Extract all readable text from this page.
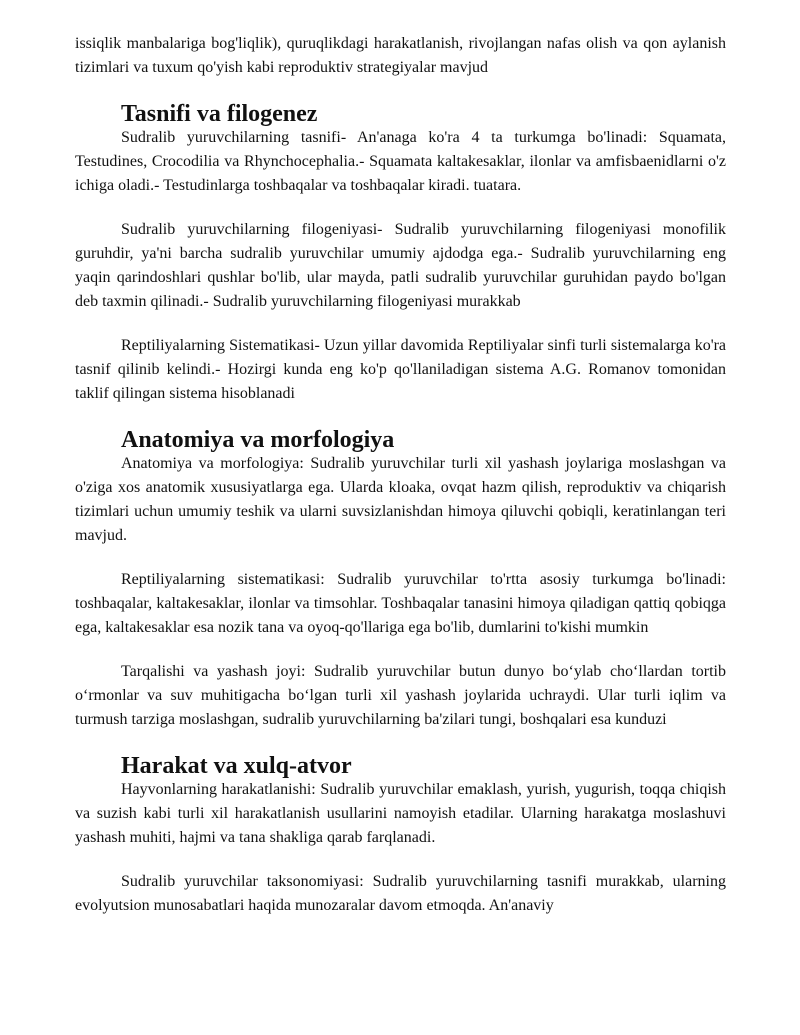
issiqlik manbalariga bog'liqlik), quruqlikdagi harakatlanish, rivojlangan nafas olish va qon aylanish tizimlari va tuxum qo'yish kabi reproduktiv strategiyalar mavjud

Tasnifi va filogenez

Sudralib yuruvchilarning tasnifi- An'anaga ko'ra 4 ta turkumga bo'linadi: Squamata, Testudines, Crocodilia va Rhynchocephalia.- Squamata kaltakesaklar, ilonlar va amfisbaenidlarni o'z ichiga oladi.- Testudinlarga toshbaqalar va toshbaqalar kiradi. tuatara.

Sudralib yuruvchilarning filogeniyasi- Sudralib yuruvchilarning filogeniyasi monofilik guruhdir, ya'ni barcha sudralib yuruvchilar umumiy ajdodga ega.- Sudralib yuruvchilarning eng yaqin qarindoshlari qushlar bo'lib, ular mayda, patli sudralib yuruvchilar guruhidan paydo bo'lgan deb taxmin qilinadi.- Sudralib yuruvchilarning filogeniyasi murakkab

Reptiliyalarning Sistematikasi- Uzun yillar davomida Reptiliyalar sinfi turli sistemalarga ko'ra tasnif qilinib kelindi.- Hozirgi kunda eng ko'p qo'llaniladigan sistema A.G. Romanov tomonidan taklif qilingan sistema hisoblanadi

Anatomiya va morfologiya

Anatomiya va morfologiya: Sudralib yuruvchilar turli xil yashash joylariga moslashgan va o'ziga xos anatomik xususiyatlarga ega. Ularda kloaka, ovqat hazm qilish, reproduktiv va chiqarish tizimlari uchun umumiy teshik va ularni suvsizlanishdan himoya qiluvchi qobiqli, keratinlangan teri mavjud.

Reptiliyalarning sistematikasi: Sudralib yuruvchilar to'rtta asosiy turkumga bo'linadi: toshbaqalar, kaltakesaklar, ilonlar va timsohlar. Toshbaqalar tanasini himoya qiladigan qattiq qobiqga ega, kaltakesaklar esa nozik tana va oyoq-qo'llariga ega bo'lib, dumlarini to'kishi mumkin

Tarqalishi va yashash joyi: Sudralib yuruvchilar butun dunyo bo‘ylab cho‘llardan tortib o‘rmonlar va suv muhitigacha bo‘lgan turli xil yashash joylarida uchraydi. Ular turli iqlim va turmush tarziga moslashgan, sudralib yuruvchilarning ba'zilari tungi, boshqalari esa kunduzi

Harakat va xulq-atvor

Hayvonlarning harakatlanishi: Sudralib yuruvchilar emaklash, yurish, yugurish, toqqa chiqish va suzish kabi turli xil harakatlanish usullarini namoyish etadilar. Ularning harakatga moslashuvi yashash muhiti, hajmi va tana shakliga qarab farqlanadi.

Sudralib yuruvchilar taksonomiyasi: Sudralib yuruvchilarning tasnifi murakkab, ularning evolyutsion munosabatlari haqida munozaralar davom etmoqda. An'anaviy
